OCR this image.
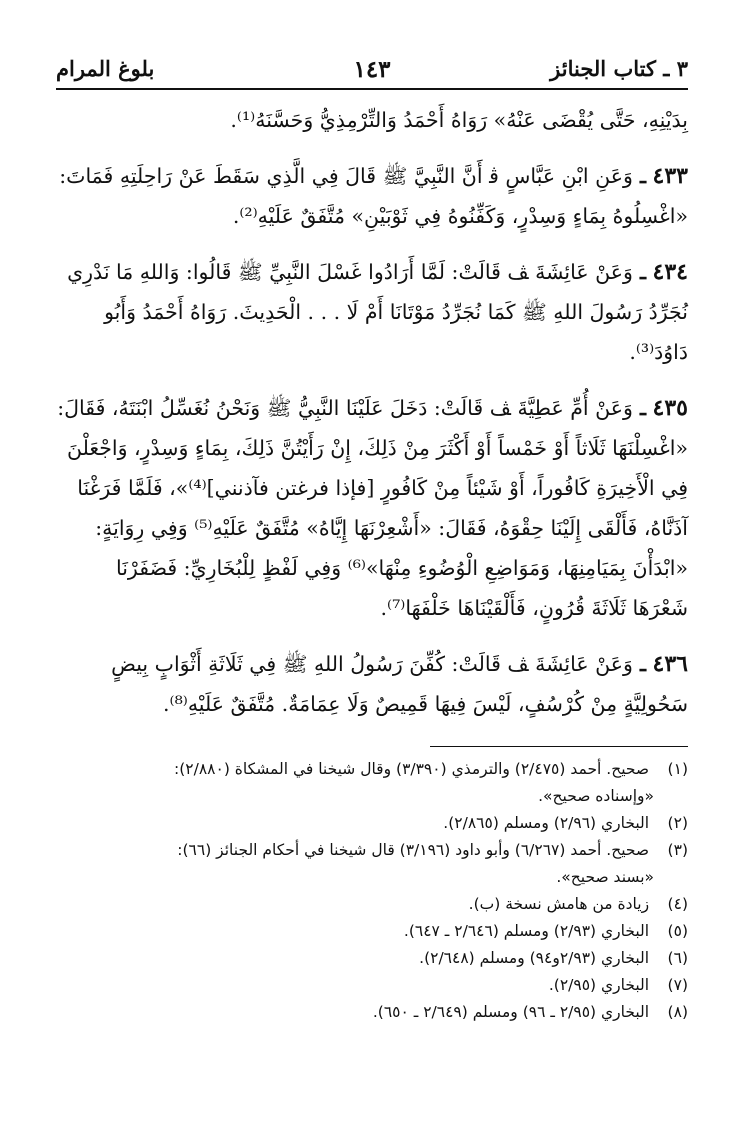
٣ ـ كتاب الجنائز
١٤٣
بلوغ المرام

بِدَيْنِهِ، حَتَّى يُقْضَى عَنْهُ» رَوَاهُ أَحْمَدُ وَالتِّرْمِذِيُّ وَحَسَّنَهُ⁽¹⁾.

٤٣٣ ـ وَعَنِ ابْنِ عَبَّاسٍ ﭬ أَنَّ النَّبِيَّ ﷺ قَالَ فِي الَّذِي سَقَطَ عَنْ رَاحِلَتِهِ فَمَاتَ: «اغْسِلُوهُ بِمَاءٍ وَسِدْرٍ، وَكَفِّنُوهُ فِي ثَوْبَيْنِ» مُتَّفَقٌ عَلَيْهِ⁽²⁾.

٤٣٤ ـ وَعَنْ عَائِشَةَ ﭫ قَالَتْ: لَمَّا أَرَادُوا غَسْلَ النَّبِيِّ ﷺ قَالُوا: وَاللهِ مَا نَدْرِي نُجَرِّدُ رَسُولَ اللهِ ﷺ كَمَا نُجَرِّدُ مَوْتَانَا أَمْ لَا . . . الْحَدِيثَ. رَوَاهُ أَحْمَدُ وَأَبُو دَاوُدَ⁽³⁾.

٤٣٥ ـ وَعَنْ أُمِّ عَطِيَّةَ ﭫ قَالَتْ: دَخَلَ عَلَيْنَا النَّبِيُّ ﷺ وَنَحْنُ نُغَسِّلُ ابْنَتَهُ، فَقَالَ: «اغْسِلْنَهَا ثَلَاثاً أَوْ خَمْساً أَوْ أَكْثَرَ مِنْ ذَلِكَ، إِنْ رَأَيْتُنَّ ذَلِكَ، بِمَاءٍ وَسِدْرٍ، وَاجْعَلْنَ فِي الْأَخِيرَةِ كَافُوراً، أَوْ شَيْئاً مِنْ كَافُورٍ [فإذا فرغتن فآذنني]⁽⁴⁾»، فَلَمَّا فَرَغْنَا آذَنَّاهُ، فَأَلْقَى إِلَيْنَا حِقْوَهُ، فَقَالَ: «أَشْعِرْنَهَا إِيَّاهُ» مُتَّفَقٌ عَلَيْهِ⁽⁵⁾ وَفِي رِوَايَةٍ: «ابْدَأْنَ بِمَيَامِنِهَا، وَمَوَاضِعِ الْوُضُوءِ مِنْهَا»⁽⁶⁾ وَفِي لَفْظٍ لِلْبُخَارِيِّ: فَضَفَرْنَا شَعْرَهَا ثَلَاثَةَ قُرُونٍ، فَأَلْقَيْنَاهَا خَلْفَهَا⁽⁷⁾.

٤٣٦ ـ وَعَنْ عَائِشَةَ ﭫ قَالَتْ: كُفِّنَ رَسُولُ اللهِ ﷺ فِي ثَلَاثَةِ أَثْوَابٍ بِيضٍ سَحُولِيَّةٍ مِنْ كُرْسُفٍ، لَيْسَ فِيهَا قَمِيصٌ وَلَا عِمَامَةٌ. مُتَّفَقٌ عَلَيْهِ⁽⁸⁾.

(١) صحيح. أحمد (٢/٤٧٥) والترمذي (٣/٣٩٠) وقال شيخنا في المشكاة (٢/٨٨٠):

«وإسناده صحيح».

(٢) البخاري (٢/٩٦) ومسلم (٢/٨٦٥).

(٣) صحيح. أحمد (٦/٢٦٧) وأبو داود (٣/١٩٦) قال شيخنا في أحكام الجنائز (٦٦):

«بسند صحيح».

(٤) زيادة من هامش نسخة (ب).

(٥) البخاري (٢/٩٣) ومسلم (٢/٦٤٦ ـ ٦٤٧).

(٦) البخاري (٢/٩٣و٩٤) ومسلم (٢/٦٤٨).

(٧) البخاري (٢/٩٥).

(٨) البخاري (٢/٩٥ ـ ٩٦) ومسلم (٢/٦٤٩ ـ ٦٥٠).
